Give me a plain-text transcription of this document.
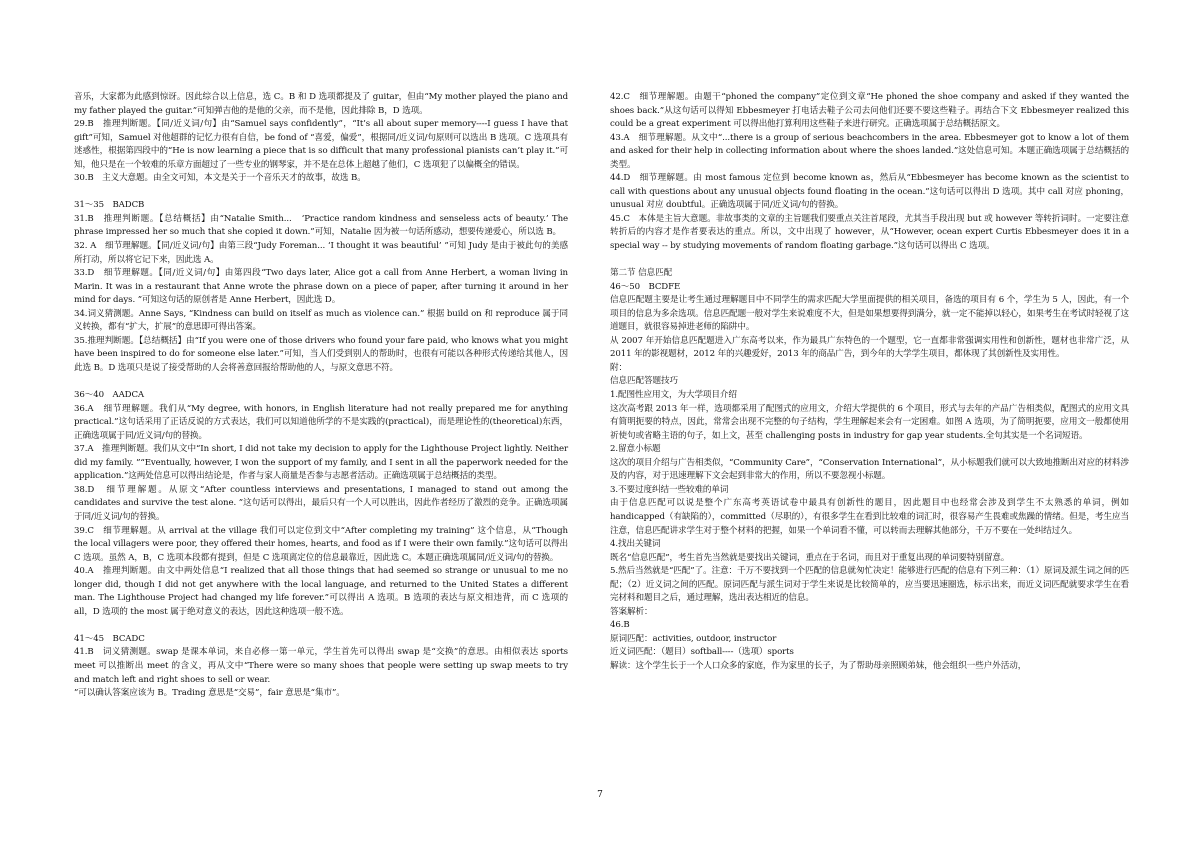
音乐，大家都为此感到惊讶。因此综合以上信息，选 C。B 和 D 选项都提及了 guitar，但由“My mother played the piano and my father played the guitar.”可知弹吉他的是他的父亲，而不是他，因此排除 B，D 选项。

29.B　推理判断题。【同/近义词/句】由“Samuel says confidently”，“It’s all about super memory----I guess I have that gift”可知，Samuel 对他超群的记忆力很有自信，be fond of “喜爱，偏爱”，根据同/近义词/句原则可以选出 B 选项。C 选项具有迷惑性，根据第四段中的“He is now learning a piece that is so difficult that many professional pianists can’t play it.”可知，他只是在一个较难的乐章方面超过了一些专业的钢琴家，并不是在总体上超越了他们，C 选项犯了以偏概全的错误。

30.B　主义大意题。由全文可知，本文是关于一个音乐天才的故事，故选 B。

31～35　BADCB

31.B　推理判断题。【总结概括】由“Natalie Smith...　‘Practice random kindness and senseless acts of beauty.’ The phrase impressed her so much that she copied it down.”可知，Natalie 因为被一句话所感动，想要传递爱心，所以选 B。

32. A　细节理解题。【同/近义词/句】由第三段“Judy Foreman... ‘I thought it was beautiful’ ”可知 Judy 是由于被此句的美感所打动，所以将它记下来，因此选 A。

33.D　细节理解题。【同/近义词/句】由第四段“Two days later, Alice got a call from Anne Herbert, a woman living in Marin. It was in a restaurant that Anne wrote the phrase down on a piece of paper, after turning it around in her mind for days. ”可知这句话的原创者是 Anne Herbert，因此选 D。

34.词义猜测题。Anne Says, “Kindness can build on itself as much as violence can.” 根据 build on 和 reproduce 属于同义转换，都有“扩大，扩展”的意思即可得出答案。

35.推理判断题。【总结概括】由“If you were one of those drivers who found your fare paid, who knows what you might have been inspired to do for someone else later.”可知，当人们受到别人的帮助时，也很有可能以各种形式传递给其他人，因此选 B。D 选项只是说了接受帮助的人会将善意回报给帮助他的人，与原文意思不符。

36～40　AADCA

36.A　细节理解题。我们从“My degree, with honors, in English literature had not really prepared me for anything practical.”这句话采用了正话反说的方式表达，我们可以知道他所学的不是实践的(practical)，而是理论性的(theoretical)东西，正确选项属于同/近义词/句的替换。

37.A　推理判断题。我们从文中“In short, I did not take my decision to apply for the Lighthouse Project lightly. Neither did my family. ”“Eventually, however, I won the support of my family, and I sent in all the paperwork needed for the application.”这两处信息可以得出结论是，作者与家人商量是否参与志愿者活动。正确选项属于总结概括的类型。

38.D　细节理解题。从原文“After countless interviews and presentations, I managed to stand out among the candidates and survive the test alone. ”这句话可以得出，最后只有一个人可以胜出，因此作者经历了激烈的竞争。正确选项属于同/近义词/句的替换。

39.C　细节理解题。从 arrival at the village 我们可以定位到文中“After completing my training” 这个信息，从“Though the local villagers were poor, they offered their homes, hearts, and food as if I were their own family.”这句话可以得出 C 选项。虽然 A，B，C 选项本段都有提到，但是 C 选项离定位的信息最靠近，因此选 C。本题正确选项属同/近义词/句的替换。

40.A　推理判断题。由文中两处信息“I realized that all those things that had seemed so strange or unusual to me no longer did, though I did not get anywhere with the local language, and returned to the United States a different man. The Lighthouse Project had changed my life forever.”可以得出 A 选项。B 选项的表达与原文相违背，而 C 选项的 all，D 选项的 the most 属于绝对意义的表达，因此这种选项一般不选。

41～45　BCADC

41.B　词义猜测题。swap 是课本单词，来自必修一第一单元，学生首先可以得出 swap 是“交换”的意思。由相似表达 sports meet 可以推断出 meet 的含义，再从文中“There were so many shoes that people were setting up swap meets to try and match left and right shoes to sell or wear.

”可以确认答案应该为 B。Trading 意思是“交易”，fair 意思是“集市”。

42.C　细节理解题。由题干“phoned the company”定位到文章“He phoned the shoe company and asked if they wanted the shoes back.”从这句话可以得知 Ebbesmeyer 打电话去鞋子公司去问他们还要不要这些鞋子。再结合下文 Ebbesmeyer realized this could be a great experiment 可以得出他打算利用这些鞋子来进行研究。正确选项属于总结概括原文。

43.A　细节理解题。从文中“...there is a group of serious beachcombers in the area. Ebbesmeyer got to know a lot of them and asked for their help in collecting information about where the shoes landed.”这处信息可知。本题正确选项属于总结概括的类型。

44.D　细节理解题。由 most famous 定位到 become known as，然后从“Ebbesmeyer has become known as the scientist to call with questions about any unusual objects found floating in the ocean.”这句话可以得出 D 选项。其中 call 对应 phoning，unusual 对应 doubtful。正确选项属于同/近义词/句的替换。

45.C　本体是主旨大意题。非故事类的文章的主旨题我们要重点关注首尾段，尤其当手段出现 but 或 however 等转折词时。一定要注意转折后的内容才是作者要表达的重点。所以，文中出现了 however，从“However, ocean expert Curtis Ebbesmeyer does it in a special way -- by studying movements of random floating garbage.”这句话可以得出 C 选项。

第二节 信息匹配

46～50　BCDFE

信息匹配题主要是让考生通过理解题目中不同学生的需求匹配大学里面提供的相关项目，备选的项目有 6 个，学生为 5 人，因此，有一个项目的信息为多余选项。信息匹配题一般对学生来说难度不大，但是如果想要得到满分，就一定不能掉以轻心，如果考生在考试时轻视了这道题目，就很容易掉进老师的陷阱中。

从 2007 年开始信息匹配题进入广东高考以来，作为最具广东特色的一个题型，它一直都非常强调实用性和创新性，题材也非常广泛，从 2011 年的影视题材，2012 年的兴趣爱好，2013 年的商品广告，到今年的大学学生项目，都体现了其创新性及实用性。

附：

信息匹配答题技巧

1.配图性应用文，为大学项目介绍

这次高考跟 2013 年一样，选项都采用了配图式的应用文，介绍大学提供的 6 个项目，形式与去年的产品广告相类似，配图式的应用文具有简明扼要的特点，因此，常常会出现不完整的句子结构，学生理解起来会有一定困难。如图 A 选项，为了简明扼要，应用文一般都使用祈使句或省略主语的句子，如上文，甚至 challenging posts in industry for gap year students.全句其实是一个名词短语。

2.留意小标题

这次的项目介绍与广告相类似，“Community Care”，“Conservation International”，从小标题我们就可以大致地推断出对应的材料涉及的内容，对于迅速理解下文会起到非常大的作用，所以不要忽视小标题。

3.不要过度纠结一些较难的单词

由于信息匹配可以说是整个广东高考英语试卷中最具有创新性的题目，因此题目中也经常会涉及到学生不太熟悉的单词，例如 handicapped（有缺陷的），committed（尽职的），有很多学生在看到比较难的词汇时，很容易产生畏难或焦躁的情绪。但是，考生应当注意，信息匹配讲求学生对于整个材料的把握，如果一个单词看不懂，可以转而去理解其他部分，千万不要在一处纠结过久。

4.找出关键词

既名“信息匹配”，考生首先当然就是要找出关键词，重点在于名词，而且对于重复出现的单词要特别留意。

5.然后当然就是“匹配”了。注意：千万不要找到一个匹配的信息就匆忙决定！能够进行匹配的信息有下列三种：（1）原词及派生词之间的匹配；（2）近义词之间的匹配。原词匹配与派生词对于学生来说是比较简单的，应当要迅速圈选，标示出来，而近义词匹配就要求学生在看完材料和题目之后，通过理解，选出表达相近的信息。

答案解析：

46.B

原词匹配：activities, outdoor, instructor

近义词匹配：（题目）softball----（选项）sports

解读：这个学生长于一个人口众多的家庭，作为家里的长子，为了帮助母亲照顾弟妹，他会组织一些户外活动，

7
